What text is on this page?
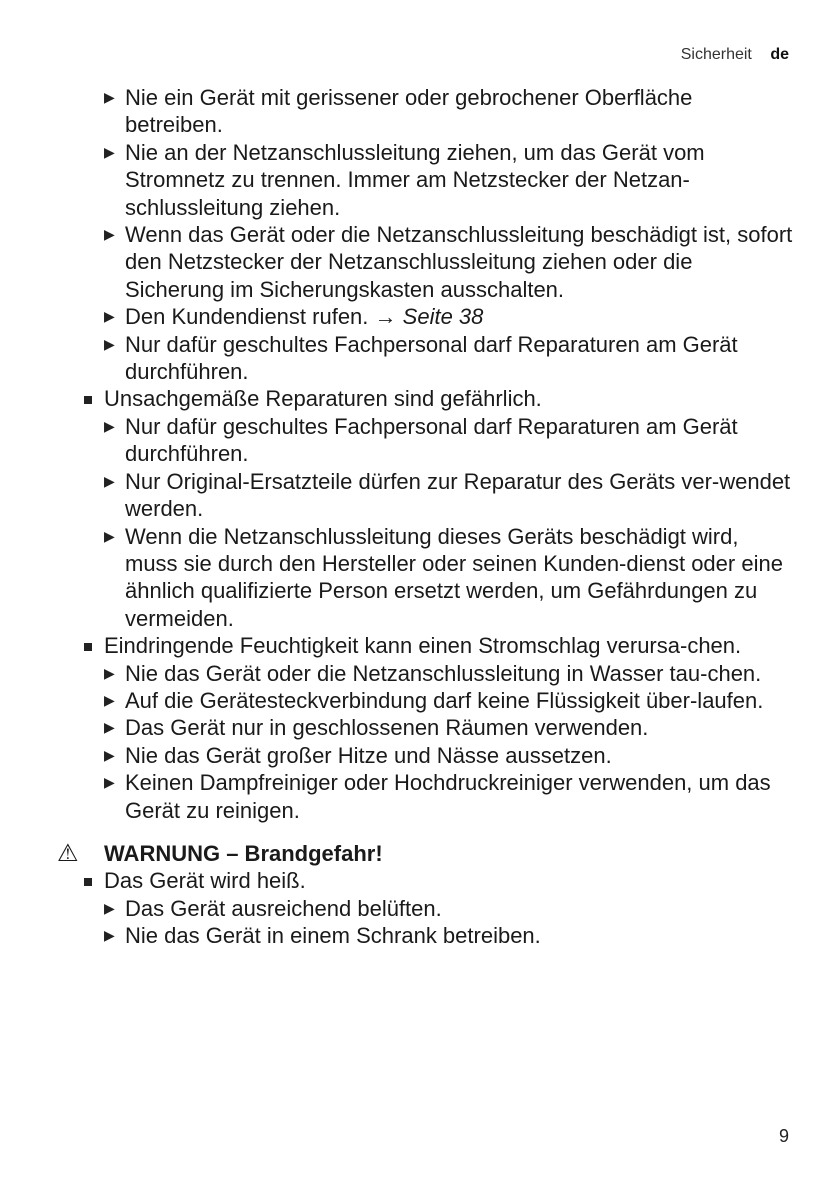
Sicherheit de
▶ Nie ein Gerät mit gerissener oder gebrochener Oberfläche betreiben.
▶ Nie an der Netzanschlussleitung ziehen, um das Gerät vom Stromnetz zu trennen. Immer am Netzstecker der Netzan-schlussleitung ziehen.
▶ Wenn das Gerät oder die Netzanschlussleitung beschädigt ist, sofort den Netzstecker der Netzanschlussleitung ziehen oder die Sicherung im Sicherungskasten ausschalten.
▶ Den Kundendienst rufen. → Seite 38
▶ Nur dafür geschultes Fachpersonal darf Reparaturen am Gerät durchführen.
Unsachgemäße Reparaturen sind gefährlich.
▶ Nur dafür geschultes Fachpersonal darf Reparaturen am Gerät durchführen.
▶ Nur Original-Ersatzteile dürfen zur Reparatur des Geräts ver-wendet werden.
▶ Wenn die Netzanschlussleitung dieses Geräts beschädigt wird, muss sie durch den Hersteller oder seinen Kunden-dienst oder eine ähnlich qualifizierte Person ersetzt werden, um Gefährdungen zu vermeiden.
Eindringende Feuchtigkeit kann einen Stromschlag verursa-chen.
▶ Nie das Gerät oder die Netzanschlussleitung in Wasser tau-chen.
▶ Auf die Gerätesteckverbindung darf keine Flüssigkeit über-laufen.
▶ Das Gerät nur in geschlossenen Räumen verwenden.
▶ Nie das Gerät großer Hitze und Nässe aussetzen.
▶ Keinen Dampfreiniger oder Hochdruckreiniger verwenden, um das Gerät zu reinigen.
⚠ WARNUNG – Brandgefahr!
Das Gerät wird heiß.
▶ Das Gerät ausreichend belüften.
▶ Nie das Gerät in einem Schrank betreiben.
9
